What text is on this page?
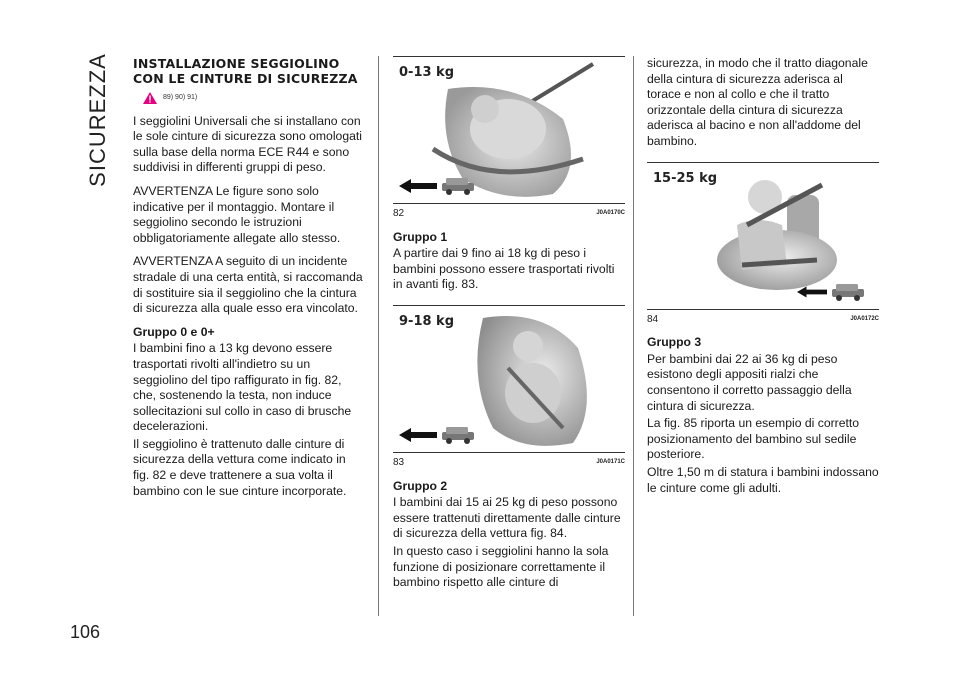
SICUREZZA
106
INSTALLAZIONE SEGGIOLINO
CON LE CINTURE DI SICUREZZA
89) 90) 91)

I seggiolini Universali che si installano con le sole cinture di sicurezza sono omologati sulla base della norma ECE R44 e sono suddivisi in differenti gruppi di peso.

AVVERTENZA Le figure sono solo indicative per il montaggio. Montare il seggiolino secondo le istruzioni obbligatoriamente allegate allo stesso.

AVVERTENZA A seguito di un incidente stradale di una certa entità, si raccomanda di sostituire sia il seggiolino che la cintura di sicurezza alla quale esso era vincolato.

Gruppo 0 e 0+

I bambini fino a 13 kg devono essere trasportati rivolti all'indietro su un seggiolino del tipo raffigurato in fig. 82, che, sostenendo la testa, non induce sollecitazioni sul collo in caso di brusche decelerazioni.

Il seggiolino è trattenuto dalle cinture di sicurezza della vettura come indicato in fig. 82 e deve trattenere a sua volta il bambino con le sue cinture incorporate.

0-13 kg
82	J0A0170C
Gruppo 1

A partire dai 9 fino ai 18 kg di peso i bambini possono essere trasportati rivolti in avanti fig. 83.

9-18 kg
83	J0A0171C
Gruppo 2

I bambini dai 15 ai 25 kg di peso possono essere trattenuti direttamente dalle cinture di sicurezza della vettura fig. 84.

In questo caso i seggiolini hanno la sola funzione di posizionare correttamente il bambino rispetto alle cinture di

sicurezza, in modo che il tratto diagonale della cintura di sicurezza aderisca al torace e non al collo e che il tratto orizzontale della cintura di sicurezza aderisca al bacino e non all'addome del bambino.

15-25 kg
84	J0A0172C
Gruppo 3

Per bambini dai 22 ai 36 kg di peso esistono degli appositi rialzi che consentono il corretto passaggio della cintura di sicurezza.

La fig. 85 riporta un esempio di corretto posizionamento del bambino sul sedile posteriore.

Oltre 1,50 m di statura i bambini indossano le cinture come gli adulti.
